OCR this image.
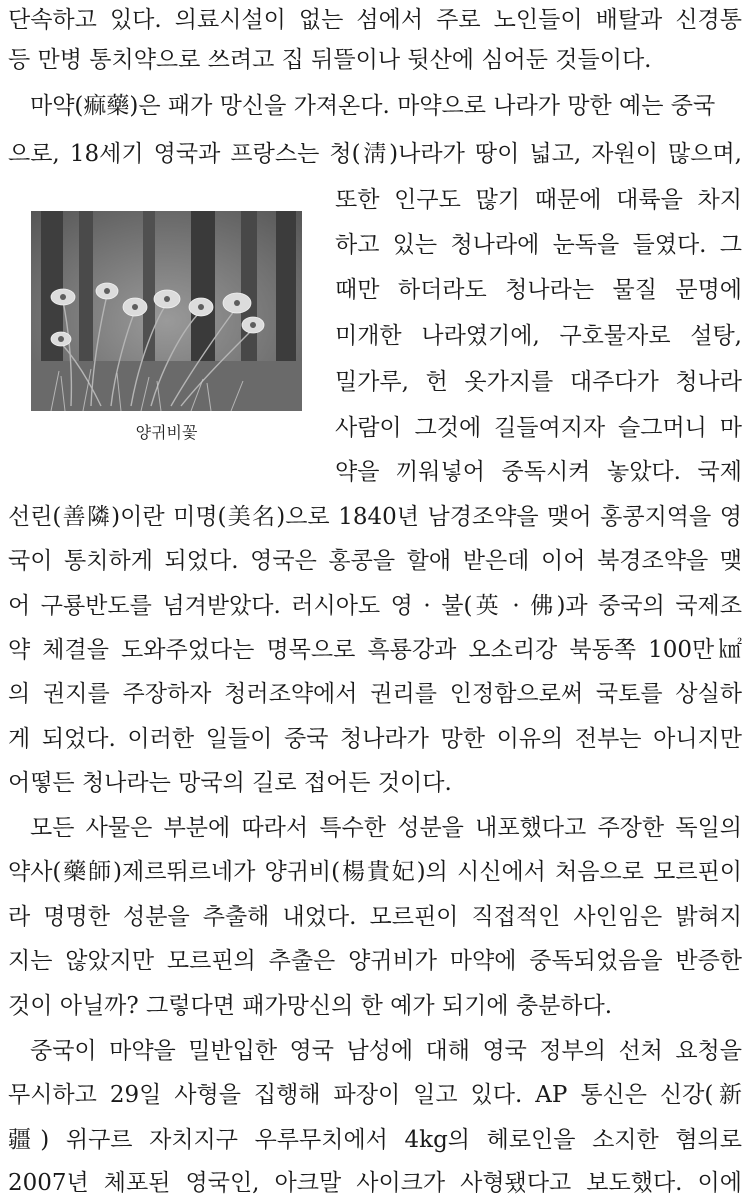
단속하고 있다. 의료시설이 없는 섬에서 주로 노인들이 배탈과 신경통
등 만병 통치약으로 쓰려고 집 뒤뜰이나 뒷산에 심어둔 것들이다.
마약(痲藥)은 패가 망신을 가져온다. 마약으로 나라가 망한 예는 중국
으로, 18세기 영국과 프랑스는 청(淸)나라가 땅이 넓고, 자원이 많으며,
또한 인구도 많기 때문에 대륙을 차지
하고 있는 청나라에 눈독을 들였다. 그
때만 하더라도 청나라는 물질 문명에
미개한 나라였기에, 구호물자로 설탕,
밀가루, 헌 옷가지를 대주다가 청나라
사람이 그것에 길들여지자 슬그머니 마
약을 끼워넣어 중독시켜 놓았다. 국제
선린(善隣)이란 미명(美名)으로 1840년 남경조약을 맺어 홍콩지역을 영
국이 통치하게 되었다. 영국은 홍콩을 할애 받은데 이어 북경조약을 맺
어 구룡반도를 넘겨받았다. 러시아도 영 · 불(英 · 佛)과 중국의 국제조
약 체결을 도와주었다는 명목으로 흑룡강과 오소리강 북동쪽 100만㎢
의 권지를 주장하자 청러조약에서 권리를 인정함으로써 국토를 상실하
게 되었다. 이러한 일들이 중국 청나라가 망한 이유의 전부는 아니지만
어떻든 청나라는 망국의 길로 접어든 것이다.
모든 사물은 부분에 따라서 특수한 성분을 내포했다고 주장한 독일의
약사(藥師)제르뛰르네가 양귀비(楊貴妃)의 시신에서 처음으로 모르핀이
라 명명한 성분을 추출해 내었다. 모르핀이 직접적인 사인임은 밝혀지
지는 않았지만 모르핀의 추출은 양귀비가 마약에 중독되었음을 반증한
것이 아닐까? 그렇다면 패가망신의 한 예가 되기에 충분하다.
중국이 마약을 밀반입한 영국 남성에 대해 영국 정부의 선처 요청을
무시하고 29일 사형을 집행해 파장이 일고 있다. AP 통신은 신강(新
疆) 위구르 자치지구 우루무치에서 4kg의 헤로인을 소지한 혐의로
2007년 체포된 영국인, 아크말 사이크가 사형됐다고 보도했다. 이에
양귀비꽃
